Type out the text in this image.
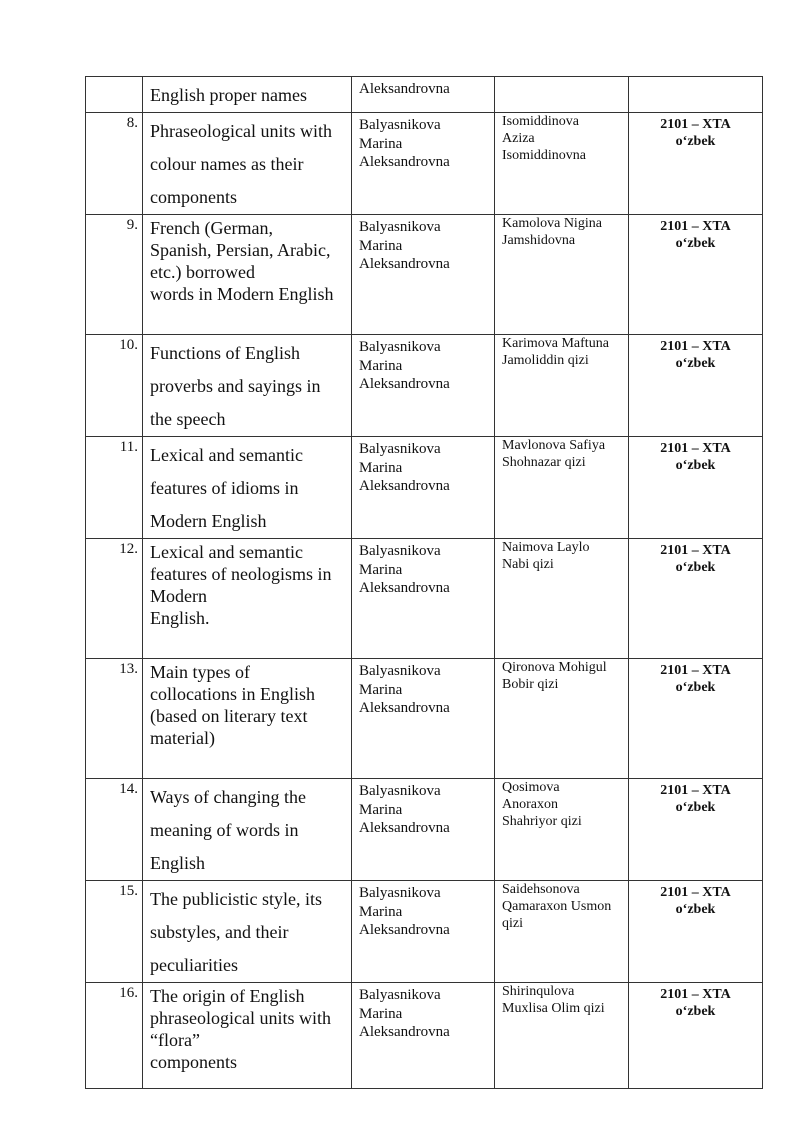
	English proper names	Aleksandrovna		

8.	Phraseological units with
colour names as their
components	Balyasnikova
Marina
Aleksandrovna	Isomiddinova
Aziza
Isomiddinovna	2101 – XTA
o‘zbek

9.	French (German,
Spanish, Persian, Arabic,
etc.) borrowed
words in Modern English	Balyasnikova
Marina
Aleksandrovna	Kamolova Nigina
Jamshidovna	2101 – XTA
o‘zbek

10.	Functions of English
proverbs and sayings in
the speech	Balyasnikova
Marina
Aleksandrovna	Karimova Maftuna
Jamoliddin qizi	2101 – XTA
o‘zbek

11.	Lexical and semantic
features of idioms in
Modern English	Balyasnikova
Marina
Aleksandrovna	Mavlonova Safiya
Shohnazar qizi	2101 – XTA
o‘zbek

12.	Lexical and semantic
features of neologisms in
Modern
English.	Balyasnikova
Marina
Aleksandrovna	Naimova Laylo
Nabi qizi	2101 – XTA
o‘zbek

13.	Main types of
collocations in English
(based on literary text
material)	Balyasnikova
Marina
Aleksandrovna	Qironova Mohigul
Bobir qizi	2101 – XTA
o‘zbek

14.	Ways of changing the
meaning of words in
English	Balyasnikova
Marina
Aleksandrovna	Qosimova
Anoraxon
Shahriyor qizi	2101 – XTA
o‘zbek

15.	The publicistic style, its
substyles, and their
peculiarities	Balyasnikova
Marina
Aleksandrovna	Saidehsonova
Qamaraxon Usmon
qizi	2101 – XTA
o‘zbek

16.	The origin of English
phraseological units with
“flora”
components	Balyasnikova
Marina
Aleksandrovna	Shirinqulova
Muxlisa Olim qizi	2101 – XTA
o‘zbek
